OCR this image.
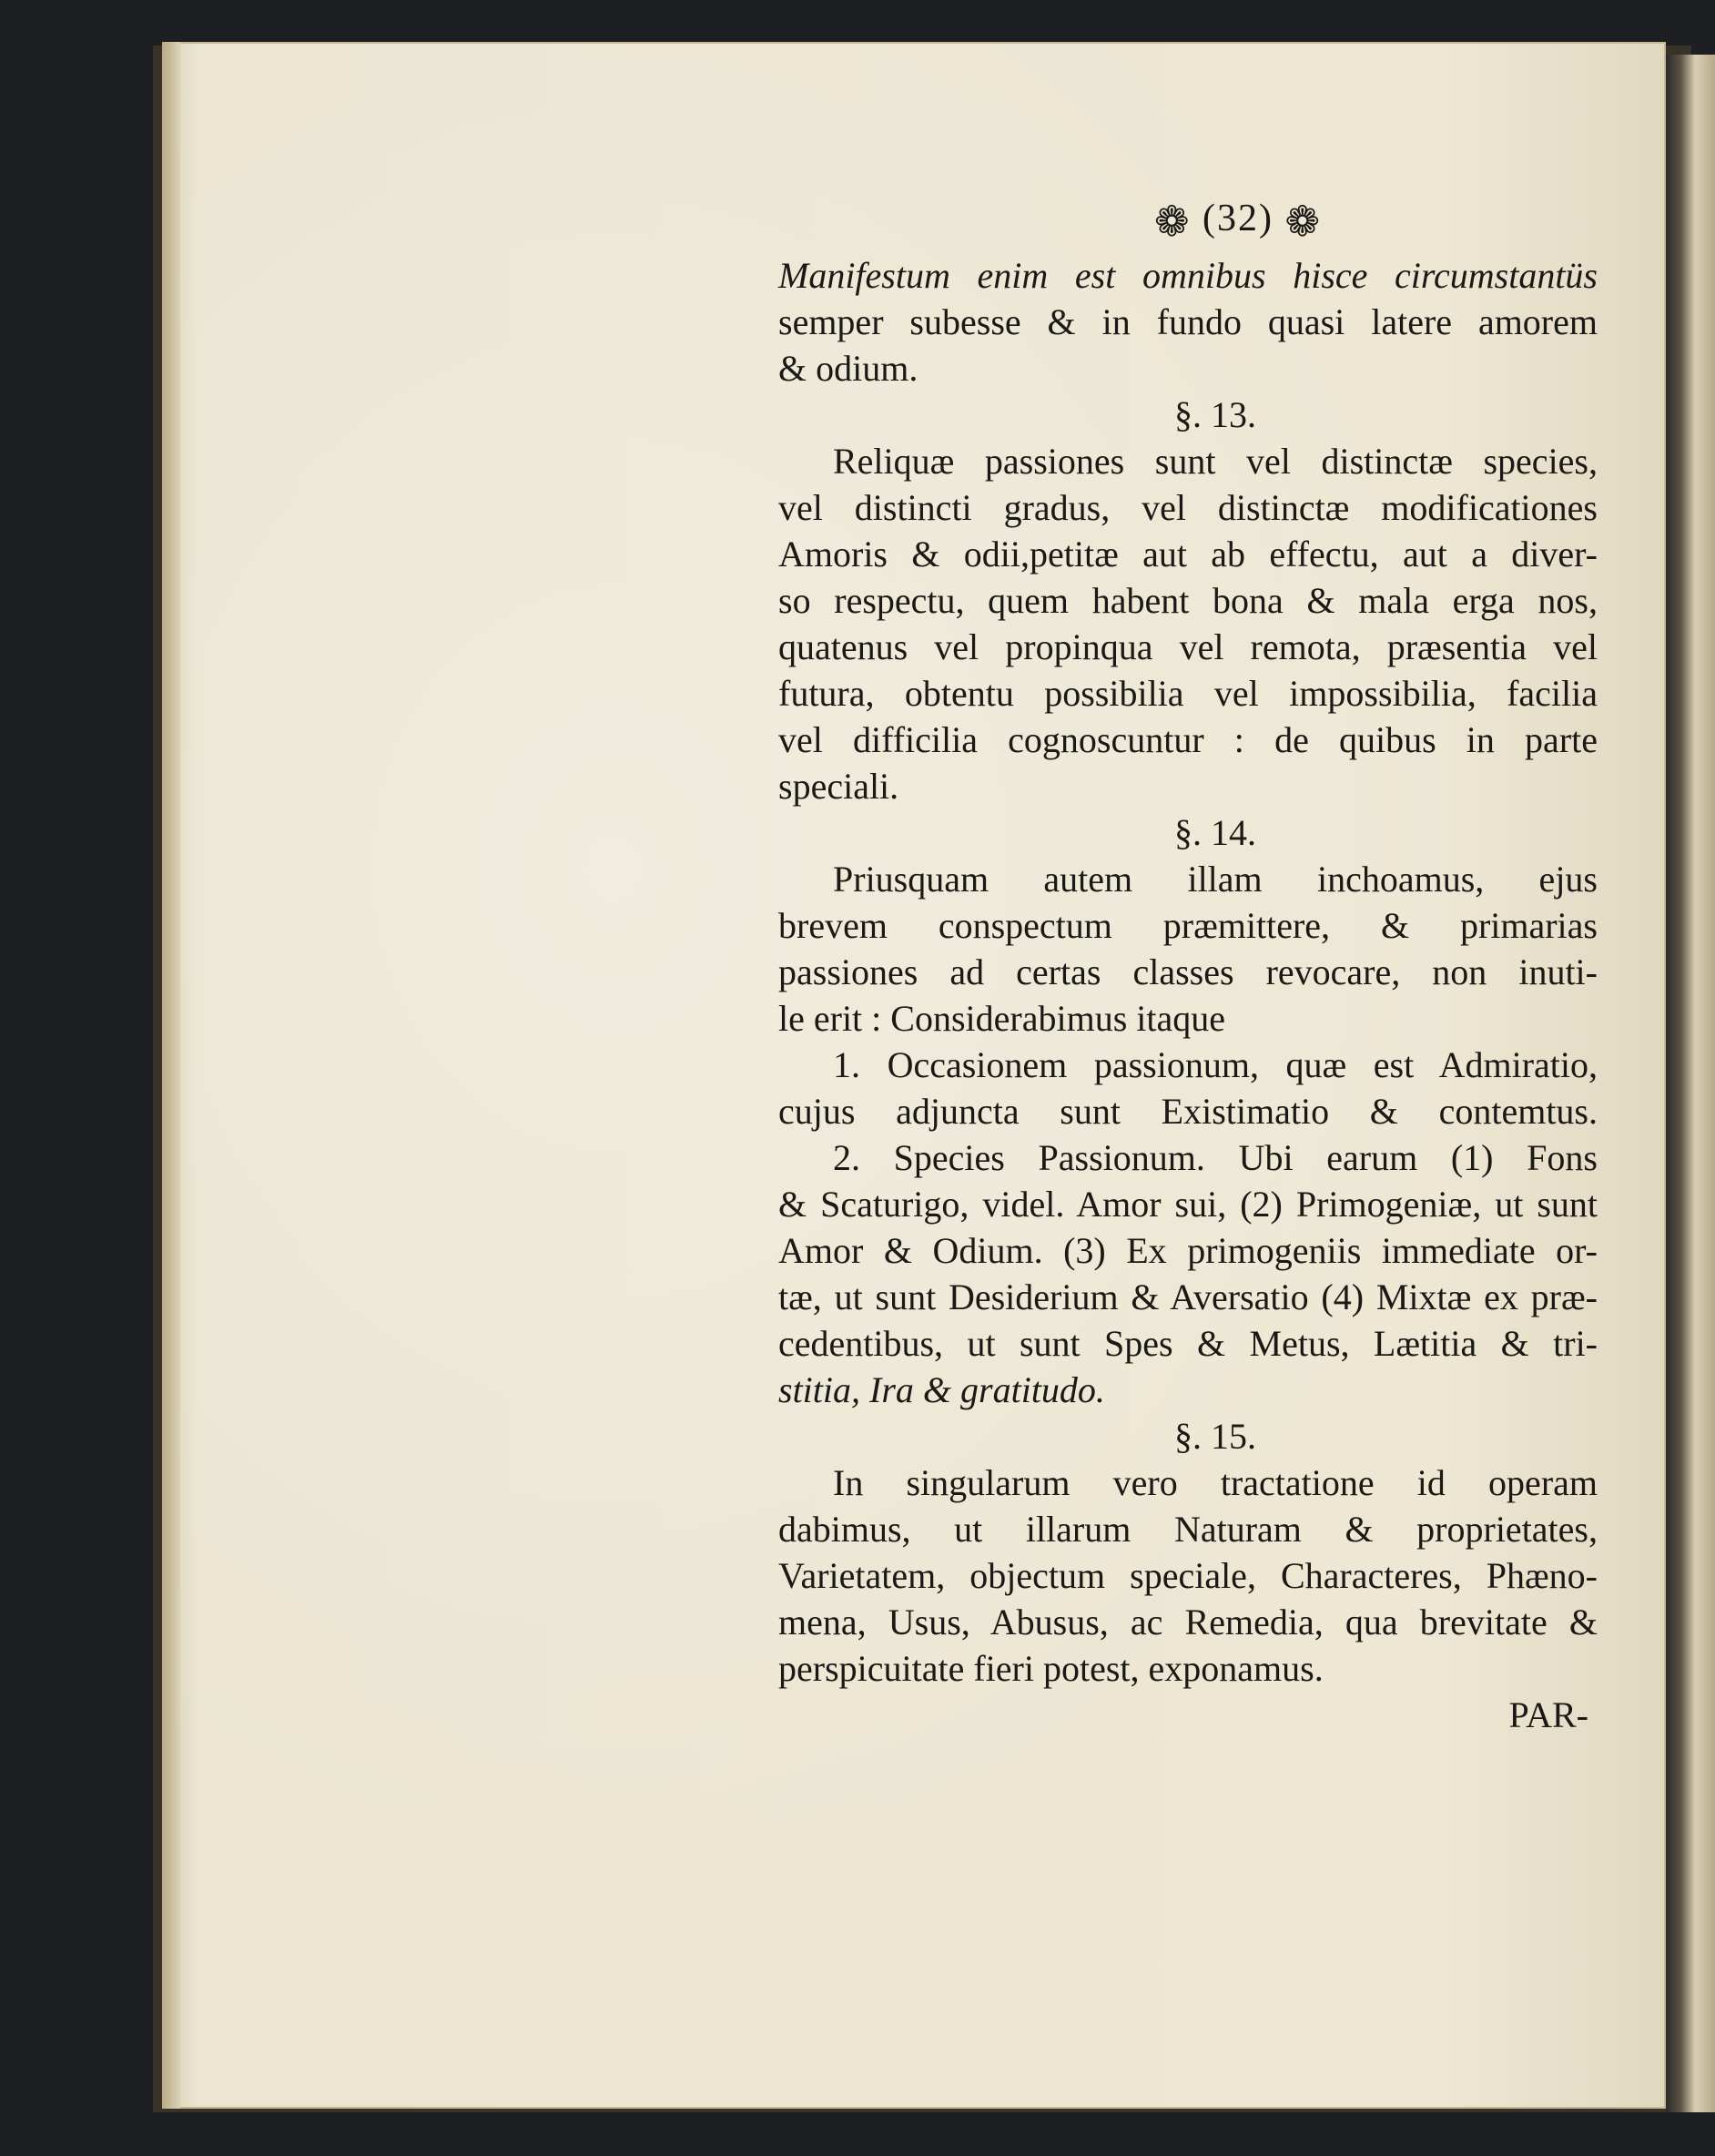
❁ (32) ❁
Manifestum enim est omnibus hisce circumstantüs
semper subesse & in fundo quasi latere amorem
& odium.
§. 13.
Reliquæ passiones sunt vel distinctæ species,
vel distincti gradus, vel distinctæ modificationes
Amoris & odii,petitæ aut ab effectu, aut a diver-
so respectu, quem habent bona & mala erga nos,
quatenus vel propinqua vel remota, præsentia vel
futura, obtentu possibilia vel impossibilia, facilia
vel difficilia cognoscuntur : de quibus in parte
speciali.
§. 14.
Priusquam autem illam inchoamus, ejus
brevem conspectum præmittere, & primarias
passiones ad certas classes revocare, non inuti-
le erit : Considerabimus itaque
1. Occasionem passionum, quæ est Admiratio,
cujus adjuncta sunt Existimatio & contemtus.
2. Species Passionum. Ubi earum (1) Fons
& Scaturigo, videl. Amor sui, (2) Primogeniæ, ut sunt
Amor & Odium. (3) Ex primogeniis immediate or-
tæ, ut sunt Desiderium & Aversatio (4) Mixtæ ex præ-
cedentibus, ut sunt Spes & Metus, Lætitia & tri-
stitia, Ira & gratitudo.
§. 15.
In singularum vero tractatione id operam
dabimus, ut illarum Naturam & proprietates,
Varietatem, objectum speciale, Characteres, Phæno-
mena, Usus, Abusus, ac Remedia, qua brevitate &
perspicuitate fieri potest, exponamus.
PAR-
